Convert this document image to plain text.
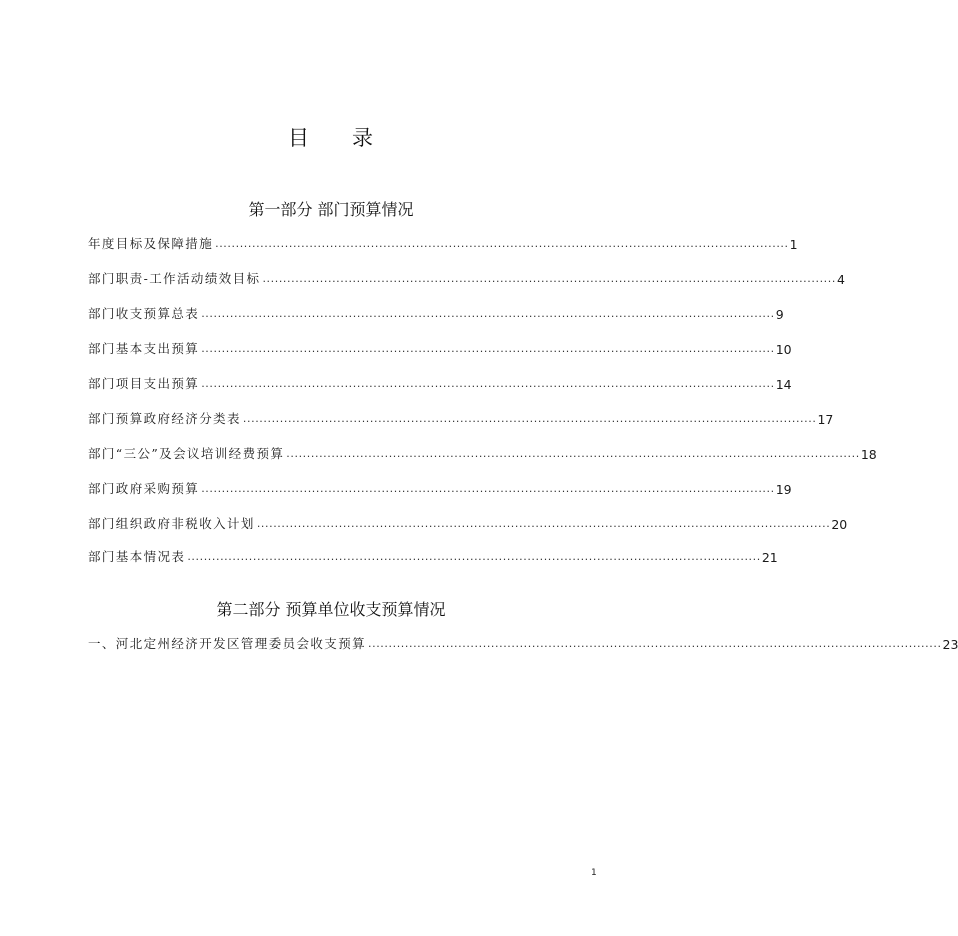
目 录
第一部分 部门预算情况
年度目标及保障措施 ............................................................................................................................................ 1
部门职责-工作活动绩效目标 ............................................................................................................................................ 4
部门收支预算总表 ............................................................................................................................................ 9
部门基本支出预算 ............................................................................................................................................ 10
部门项目支出预算 ............................................................................................................................................ 14
部门预算政府经济分类表 ............................................................................................................................................ 17
部门“三公”及会议培训经费预算 ............................................................................................................................................ 18
部门政府采购预算 ............................................................................................................................................ 19
部门组织政府非税收入计划 ............................................................................................................................................ 20
部门基本情况表 ............................................................................................................................................ 21
第二部分 预算单位收支预算情况
一、河北定州经济开发区管理委员会收支预算 ............................................................................................................................................ 23
1
